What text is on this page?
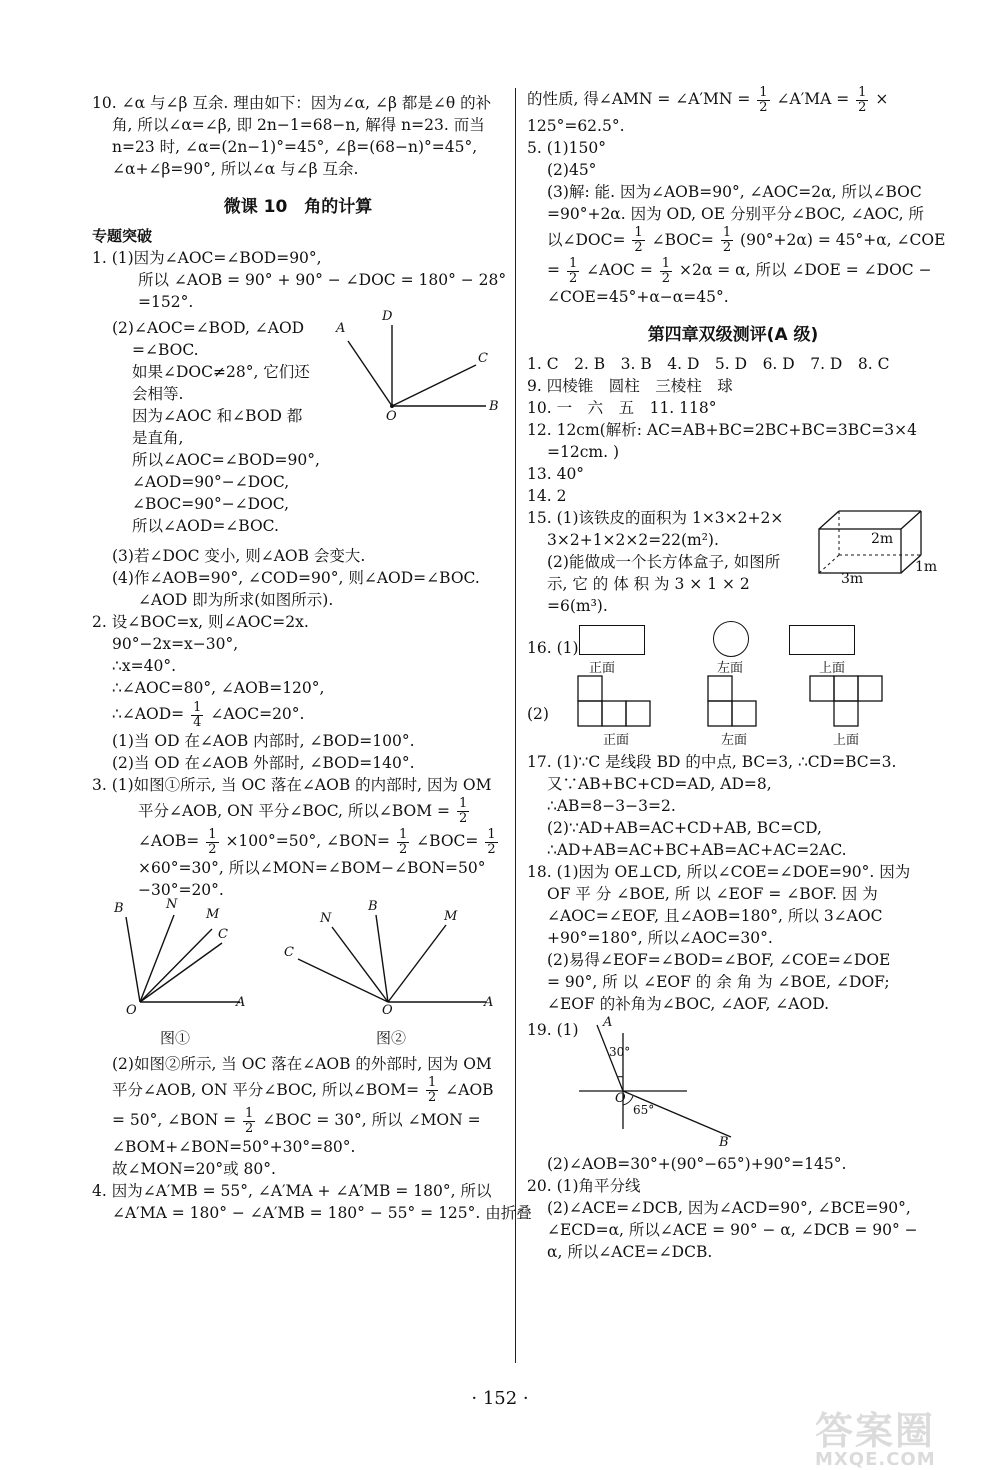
10. ∠α 与∠β 互余. 理由如下：因为∠α, ∠β 都是∠θ 的补
角, 所以∠α=∠β, 即 2n−1=68−n, 解得 n=23. 而当
n=23 时, ∠α=(2n−1)°=45°, ∠β=(68−n)°=45°,
∠α+∠β=90°, 所以∠α 与∠β 互余.
微课 10　角的计算
专题突破
1. (1)因为∠AOC=∠BOD=90°,
所以 ∠AOB = 90° + 90° − ∠DOC = 180° − 28°
=152°.
(2)∠AOC=∠BOD, ∠AOD
=∠BOC.
如果∠DOC≠28°, 它们还
会相等.
因为∠AOC 和∠BOD 都
是直角,
所以∠AOC=∠BOD=90°,
∠AOD=90°−∠DOC,
∠BOC=90°−∠DOC,
所以∠AOD=∠BOC.
A
D
C
O
B
(3)若∠DOC 变小, 则∠AOB 会变大.
(4)作∠AOB=90°, ∠COD=90°, 则∠AOD=∠BOC.
∠AOD 即为所求(如图所示).
2. 设∠BOC=x, 则∠AOC=2x.
90°−2x=x−30°,
∴x=40°.
∴∠AOC=80°, ∠AOB=120°,
∴∠AOD= $\frac{1}{4}$ ∠AOC=20°.
(1)当 OD 在∠AOB 内部时, ∠BOD=100°.
(2)当 OD 在∠AOB 外部时, ∠BOD=140°.
3. (1)如图①所示, 当 OC 落在∠AOB 的内部时, 因为 OM
平分∠AOB, ON 平分∠BOC, 所以∠BOM = $\frac{1}{2}$
∠AOB= $\frac{1}{2} \times 100^\circ=50^\circ$, ∠BON= $\frac{1}{2}$ ∠BOC= $\frac{1}{2}$
×60°=30°, 所以∠MON=∠BOM−∠BON=50°
−30°=20°.
B	N
M
C
O
A
图①
C
N
B
M
O
A
图②
(2)如图②所示, 当 OC 落在∠AOB 的外部时, 因为 OM
平分∠AOB, ON 平分∠BOC, 所以∠BOM= $\frac{1}{2}$ ∠AOB
= 50°, ∠BON = $\frac{1}{2}$ ∠BOC = 30°, 所以 ∠MON =
∠BOM+∠BON=50°+30°=80°.
故∠MON=20°或 80°.
4. 因为∠A′MB = 55°, ∠A′MA + ∠A′MB = 180°, 所以
∠A′MA = 180° − ∠A′MB = 180° − 55° = 125°. 由折叠
的性质, 得∠AMN = ∠A′MN = $\frac{1}{2}$ ∠A′MA = $\frac{1}{2}$ ×
125°=62.5°.
5. (1)150°
(2)45°
(3)解: 能. 因为∠AOB=90°, ∠AOC=2α, 所以∠BOC
=90°+2α. 因为 OD, OE 分别平分∠BOC, ∠AOC, 所
以∠DOC= $\frac{1}{2}$ ∠BOC= $\frac{1}{2} (90^\circ+2\alpha) = 45^\circ+\alpha$, ∠COE
= $\frac{1}{2}$ ∠AOC = $\frac{1}{2} \times 2\alpha = \alpha$, 所以 ∠DOE = ∠DOC −
∠COE=45°+α−α=45°.
第四章双级测评(A 级)
1. C　2. B　3. B　4. D　5. D　6. D　7. D　8. C
9. 四棱锥　圆柱　三棱柱　球
10. 一　六　五　11. 118°
12. 12cm(解析: AC=AB+BC=2BC+BC=3BC=3×4
=12cm. )
13. 40°
14. 2
15. (1)该铁皮的面积为 1×3×2+2×
3×2+1×2×2=22(m²).
(2)能做成一个长方体盒子, 如图所
示, 它 的 体 积 为 3 × 1 × 2
=6(m³).
2m
3m
1m
16. (1)
正面	左面	上面
(2)
正面	左面	上面
17. (1)∵C 是线段 BD 的中点, BC=3, ∴CD=BC=3.
又∵AB+BC+CD=AD, AD=8,
∴AB=8−3−3=2.
(2)∵AD+AB=AC+CD+AB, BC=CD,
∴AD+AB=AC+BC+AB=AC+AC=2AC.
18. (1)因为 OE⊥CD, 所以∠COE=∠DOE=90°. 因为
OF 平 分 ∠BOE, 所 以 ∠EOF = ∠BOF. 因 为
∠AOC=∠EOF, 且∠AOB=180°, 所以 3∠AOC
+90°=180°, 所以∠AOC=30°.
(2)易得∠EOF=∠BOD=∠BOF, ∠COE=∠DOE
= 90°, 所 以 ∠EOF 的 余 角 为 ∠BOE, ∠DOF;
∠EOF 的补角为∠BOC, ∠AOF, ∠AOD.
19. (1) A
30°
O
65°
B
(2)∠AOB=30°+(90°−65°)+90°=145°.
20. (1)角平分线
(2)∠ACE=∠DCB, 因为∠ACD=90°, ∠BCE=90°,
∠ECD=α, 所以∠ACE = 90° − α, ∠DCB = 90° −
α, 所以∠ACE=∠DCB.
· 152 ·
答案圈
MXQE.COM
